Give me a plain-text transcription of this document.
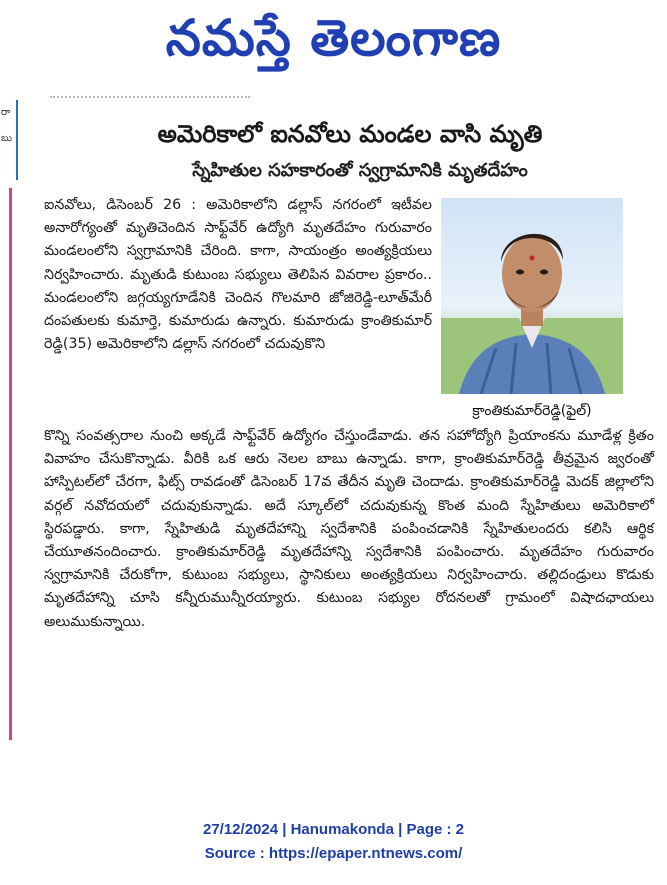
నమస్తే తెలంగాణ
రా
బు	అమెరికాలో ఐనవోలు మండల వాసి మృతి
స్నేహితుల సహకారంతో స్వగ్రామానికి మృతదేహం
ఐనవోలు, డిసెంబర్ 26 : అమెరికాలోని డల్లాస్ నగరంలో ఇటీవల అనారోగ్యంతో మృతిచెందిన సాఫ్ట్‌వేర్ ఉద్యోగి మృతదేహం గురువారం మండలంలోని స్వగ్రామానికి చేరింది. కాగా, సాయంత్రం అంత్యక్రియలు నిర్వహించారు. మృతుడి కుటుంబ సభ్యులు తెలిపిన వివరాల ప్రకారం.. మండలంలోని జగ్గయ్యగూడేనికి చెందిన గొలమారి జోజిరెడ్డి-లూత్‌మేరీ దంపతులకు కుమార్తె, కుమారుడు ఉన్నారు. కుమారుడు క్రాంతికుమార్ రెడ్డి(35) అమెరికాలోని డల్లాస్ నగరంలో చదువుకొని
క్రాంతికుమార్‌రెడ్డి(ఫైల్)
కొన్ని సంవత్సరాల నుంచి అక్కడే సాఫ్ట్‌వేర్ ఉద్యోగం చేస్తుండేవాడు. తన సహోద్యోగి ప్రియాంకను మూడేళ్ల క్రితం వివాహం చేసుకొన్నాడు. వీరికి ఒక ఆరు నెలల బాబు ఉన్నాడు. కాగా, క్రాంతికుమార్‌రెడ్డి తీవ్రమైన జ్వరంతో హాస్పిటల్‌లో చేరగా, ఫిట్స్ రావడంతో డిసెంబర్ 17వ తేదీన మృతి చెందాడు. క్రాంతికుమార్‌రెడ్డి మెదక్ జిల్లాలోని వర్గల్ నవోదయలో చదువుకున్నాడు. అదే స్కూల్‌లో చదువుకున్న కొంత మంది స్నేహితులు అమెరికాలో స్థిరపడ్డారు. కాగా, స్నేహితుడి మృతదేహాన్ని స్వదేశానికి పంపించడానికి స్నేహితులందరు కలిసి ఆర్థిక చేయూతనందించారు. క్రాంతికుమార్‌రెడ్డి మృతదేహాన్ని స్వదేశానికి పంపించారు. మృతదేహం గురువారం స్వగ్రామానికి చేరుకోగా, కుటుంబ సభ్యులు, స్థానికులు అంత్యక్రియలు నిర్వహించారు. తల్లిదండ్రులు కొడుకు మృతదేహాన్ని చూసి కన్నీరుమున్నీరయ్యారు. కుటుంబ సభ్యుల రోదనలతో గ్రామంలో విషాదఛాయలు అలుముకున్నాయి.
27/12/2024 | Hanumakonda | Page : 2
Source : https://epaper.ntnews.com/
